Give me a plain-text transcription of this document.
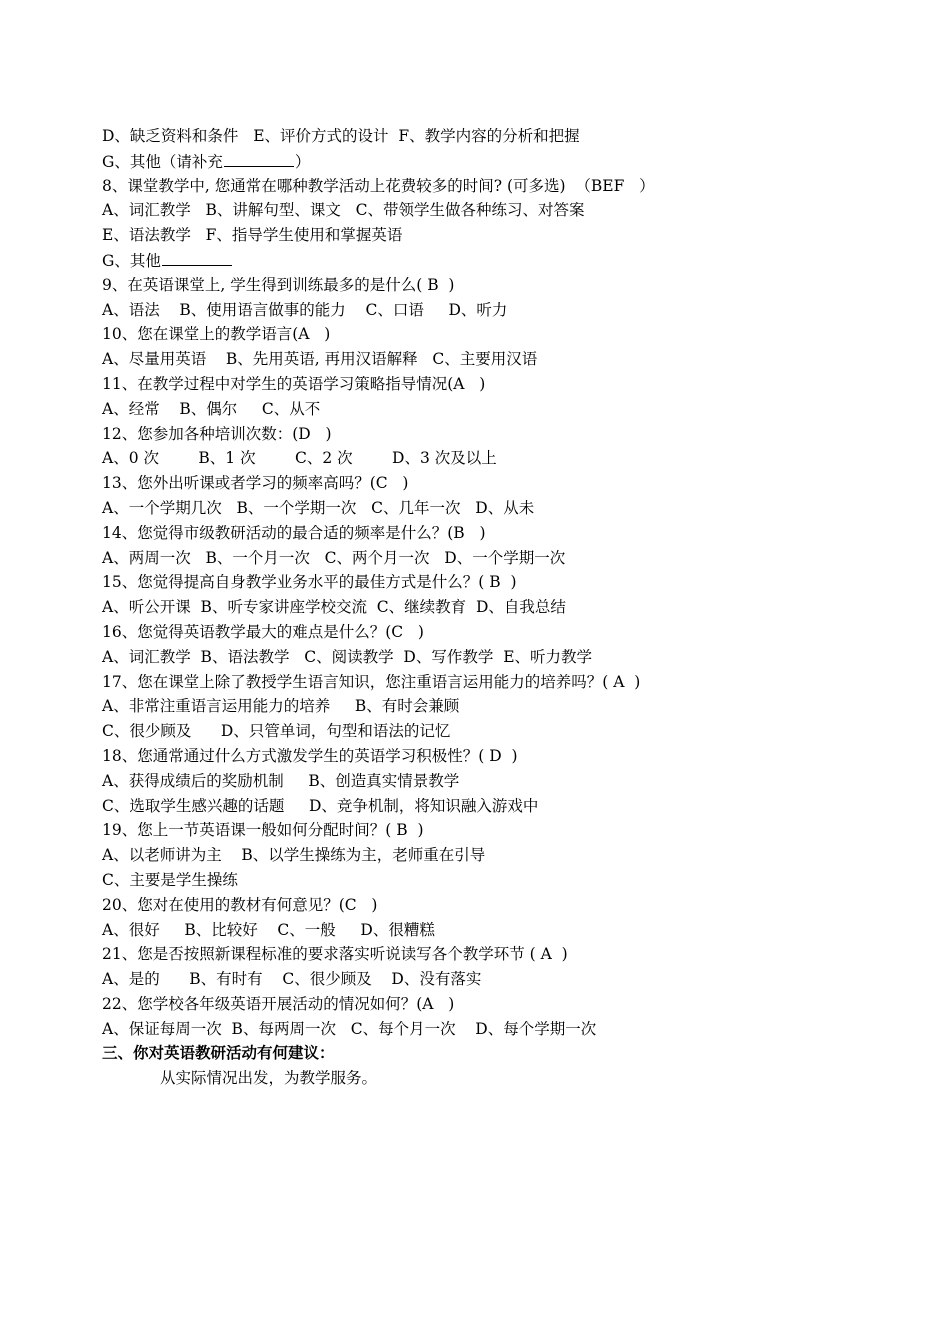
D、缺乏资料和条件   E、评价方式的设计  F、教学内容的分析和把握
G、其他（请补充	）
8、课堂教学中, 您通常在哪种教学活动上花费较多的时间? (可多选)  （BEF   ）
A、词汇教学   B、讲解句型、课文   C、带领学生做各种练习、对答案
E、语法教学   F、指导学生使用和掌握英语
G、其他
9、在英语课堂上, 学生得到训练最多的是什么( B  )
A、语法    B、使用语言做事的能力    C、口语     D、听力
10、您在课堂上的教学语言(A   )
A、尽量用英语    B、先用英语, 再用汉语解释   C、主要用汉语
11、在教学过程中对学生的英语学习策略指导情况(A   )
A、经常    B、偶尔     C、从不
12、您参加各种培训次数：(D   )
A、0 次        B、1 次        C、2 次        D、3 次及以上
13、您外出听课或者学习的频率高吗？(C   )
A、一个学期几次   B、一个学期一次   C、几年一次   D、从未
14、您觉得市级教研活动的最合适的频率是什么？(B   )
A、两周一次   B、一个月一次   C、两个月一次   D、一个学期一次
15、您觉得提高自身教学业务水平的最佳方式是什么？( B  )
A、听公开课  B、听专家讲座学校交流  C、继续教育  D、自我总结
16、您觉得英语教学最大的难点是什么？(C   )
A、词汇教学  B、语法教学   C、阅读教学  D、写作教学  E、听力教学
17、您在课堂上除了教授学生语言知识，您注重语言运用能力的培养吗？( A  )
A、非常注重语言运用能力的培养     B、有时会兼顾
C、很少顾及      D、只管单词，句型和语法的记忆
18、您通常通过什么方式激发学生的英语学习积极性？( D  )
A、获得成绩后的奖励机制     B、创造真实情景教学
C、选取学生感兴趣的话题     D、竞争机制，将知识融入游戏中
19、您上一节英语课一般如何分配时间？( B  )
A、以老师讲为主    B、以学生操练为主，老师重在引导
C、主要是学生操练
20、您对在使用的教材有何意见？(C   )
A、很好     B、比较好    C、一般     D、很糟糕
21、您是否按照新课程标准的要求落实听说读写各个教学环节 ( A  )
A、是的      B、有时有    C、很少顾及    D、没有落实
22、您学校各年级英语开展活动的情况如何？(A   )
A、保证每周一次  B、每两周一次   C、每个月一次    D、每个学期一次
三、你对英语教研活动有何建议：
从实际情况出发，为教学服务。
